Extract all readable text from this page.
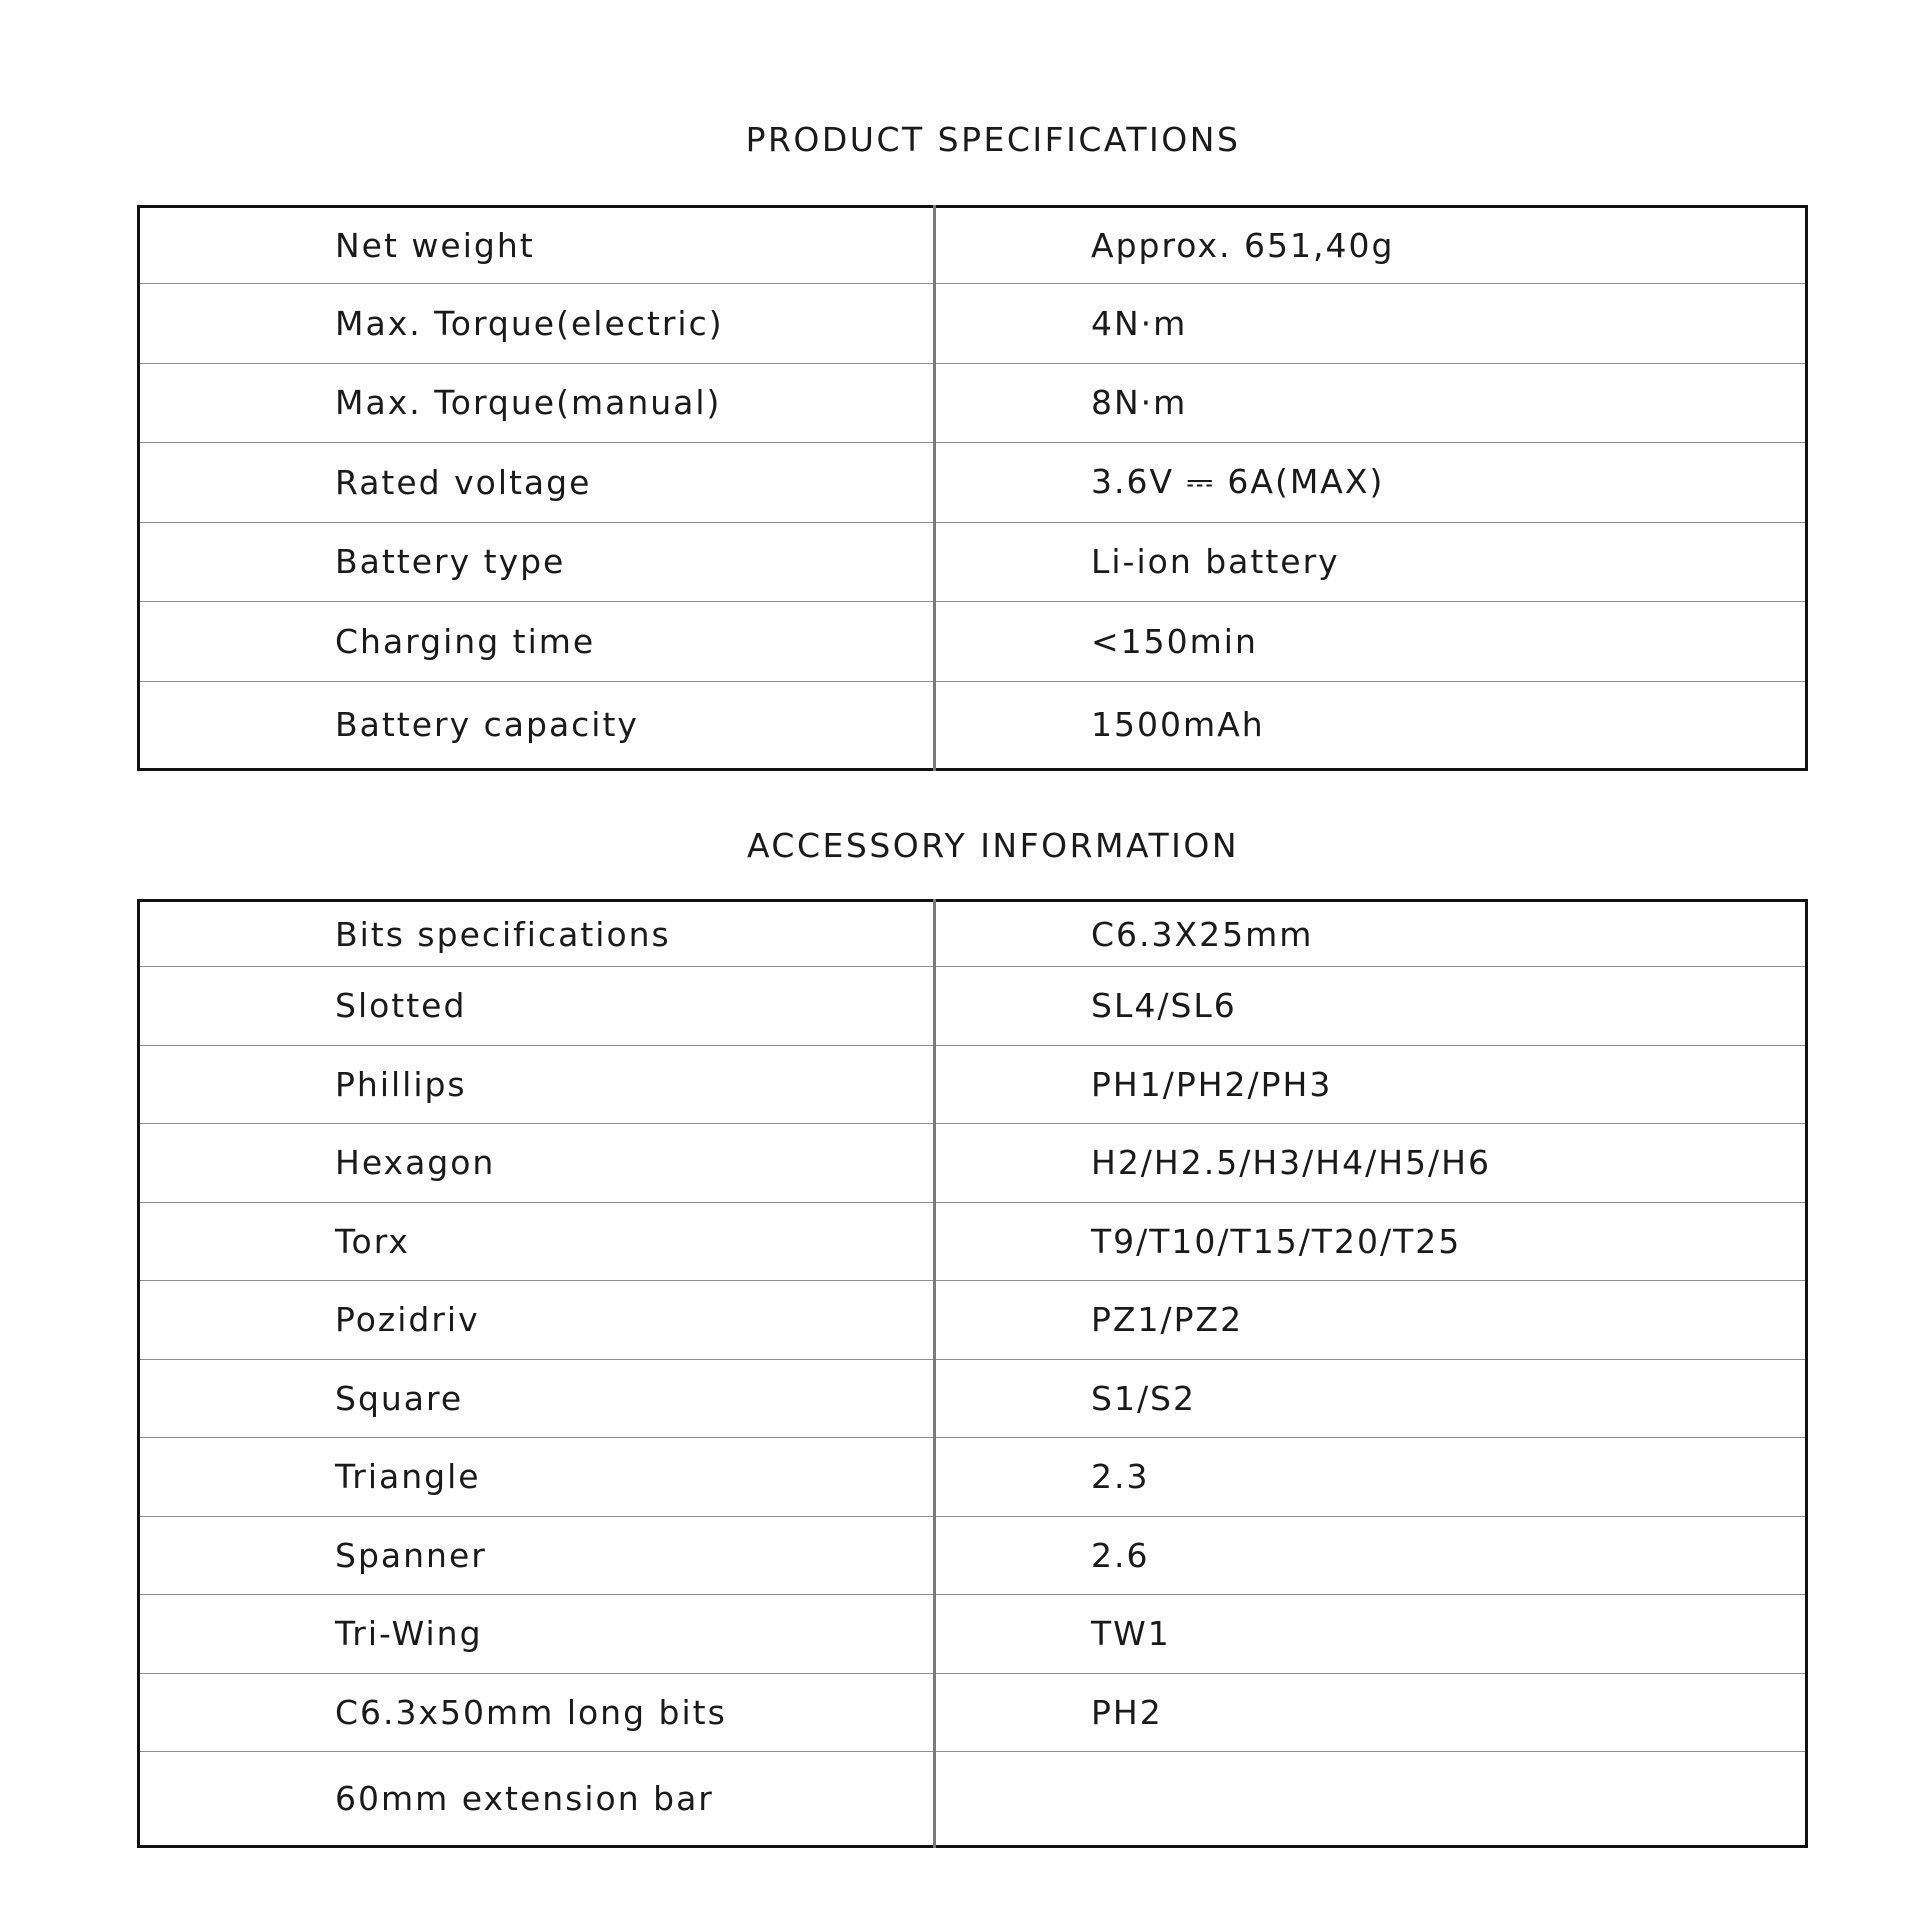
PRODUCT SPECIFICATIONS
Net weight	Approx. 651,40g
Max. Torque(electric)	4N·m
Max. Torque(manual)	8N·m
Rated voltage	3.6V ⎓ 6A(MAX)
Battery type	Li-ion battery
Charging time	<150min
Battery capacity	1500mAh
ACCESSORY INFORMATION
Bits specifications	C6.3X25mm
Slotted	SL4/SL6
Phillips	PH1/PH2/PH3
Hexagon	H2/H2.5/H3/H4/H5/H6
Torx	T9/T10/T15/T20/T25
Pozidriv	PZ1/PZ2
Square	S1/S2
Triangle	2.3
Spanner	2.6
Tri-Wing	TW1
C6.3x50mm long bits	PH2
60mm extension bar	
